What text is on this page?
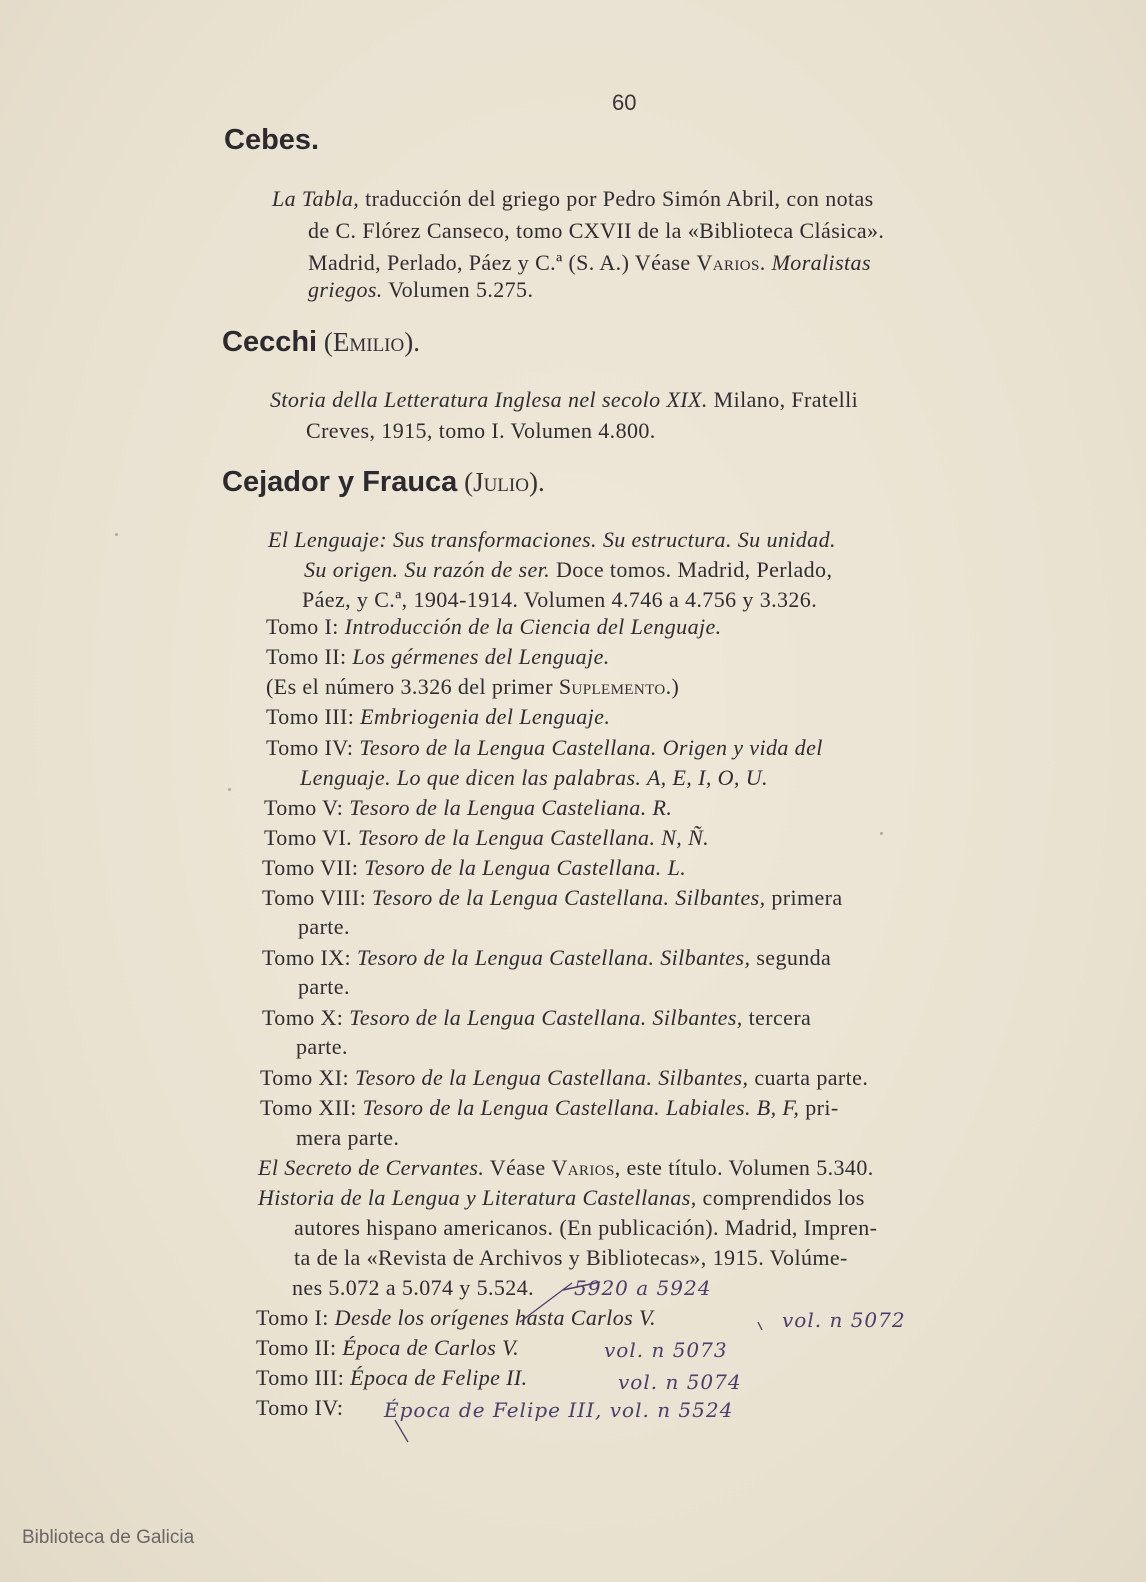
60
Cebes.
La Tabla, traducción del griego por Pedro Simón Abril, con notas
de C. Flórez Canseco, tomo CXVII de la «Biblioteca Clásica».
Madrid, Perlado, Páez y C.ª (S. A.) Véase Varios. Moralistas
griegos. Volumen 5.275.
Cecchi (Emilio).
Storia della Letteratura Inglesa nel secolo XIX. Milano, Fratelli
Creves, 1915, tomo I. Volumen 4.800.
Cejador y Frauca (Julio).
El Lenguaje: Sus transformaciones. Su estructura. Su unidad.
Su origen. Su razón de ser. Doce tomos. Madrid, Perlado,
Páez, y C.ª, 1904-1914. Volumen 4.746 a 4.756 y 3.326.
Tomo I: Introducción de la Ciencia del Lenguaje.
Tomo II: Los gérmenes del Lenguaje.
(Es el número 3.326 del primer Suplemento.)
Tomo III: Embriogenia del Lenguaje.
Tomo IV: Tesoro de la Lengua Castellana. Origen y vida del
Lenguaje. Lo que dicen las palabras. A, E, I, O, U.
Tomo V: Tesoro de la Lengua Casteliana. R.
Tomo VI. Tesoro de la Lengua Castellana. N, Ñ.
Tomo VII: Tesoro de la Lengua Castellana. L.
Tomo VIII: Tesoro de la Lengua Castellana. Silbantes, primera
parte.
Tomo IX: Tesoro de la Lengua Castellana. Silbantes, segunda
parte.
Tomo X: Tesoro de la Lengua Castellana. Silbantes, tercera
parte.
Tomo XI: Tesoro de la Lengua Castellana. Silbantes, cuarta parte.
Tomo XII: Tesoro de la Lengua Castellana. Labiales. B, F, pri-
mera parte.
El Secreto de Cervantes. Véase Varios, este título. Volumen 5.340.
Historia de la Lengua y Literatura Castellanas, comprendidos los
autores hispano americanos. (En publicación). Madrid, Impren-
ta de la «Revista de Archivos y Bibliotecas», 1915. Volúme-
nes 5.072 a 5.074 y 5.524.
Tomo I: Desde los orígenes hasta Carlos V.
Tomo II: Época de Carlos V.
Tomo III: Época de Felipe II.
Tomo IV:
5920 a 5924
vol. n 5072
vol. n 5073
vol. n 5074
Época de Felipe III, vol. n 5524
Biblioteca de Galicia
